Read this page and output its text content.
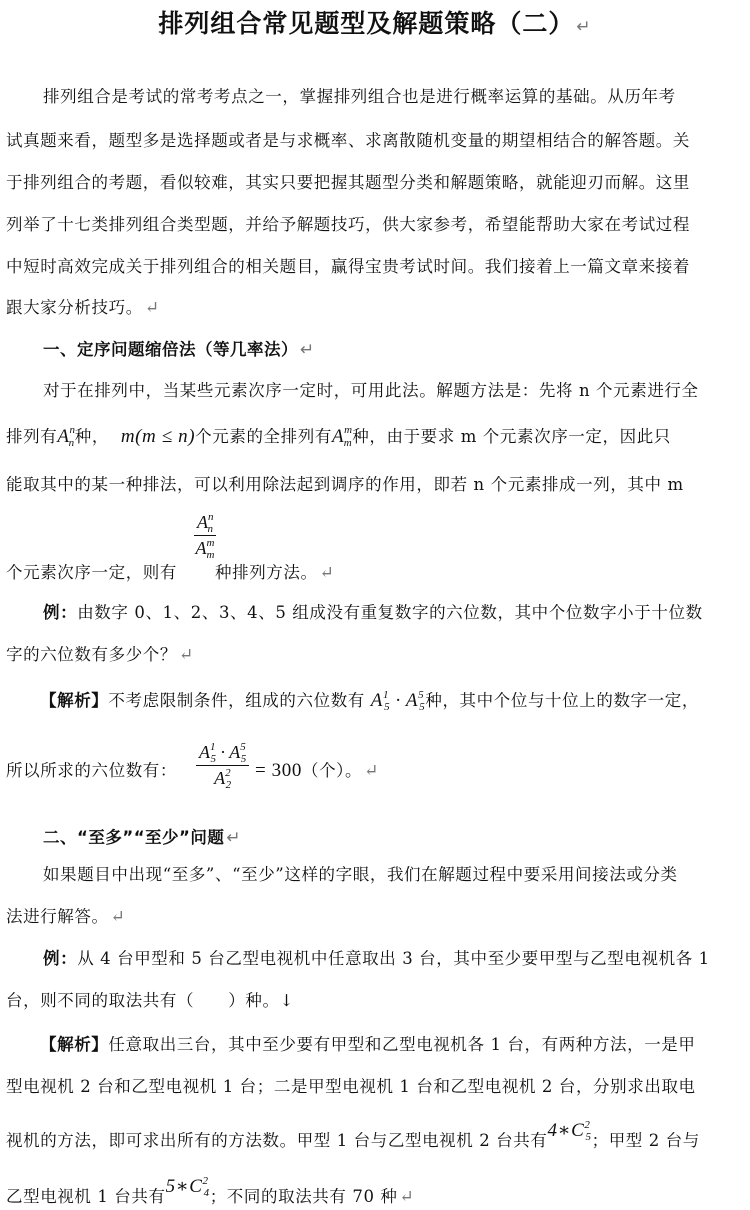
排列组合常见题型及解题策略（二） ↵
排列组合是考试的常考考点之一，掌握排列组合也是进行概率运算的基础。从历年考
试真题来看，题型多是选择题或者是与求概率、求离散随机变量的期望相结合的解答题。关
于排列组合的考题，看似较难，其实只要把握其题型分类和解题策略，就能迎刃而解。这里
列举了十七类排列组合类型题，并给予解题技巧，供大家参考，希望能帮助大家在考试过程
中短时高效完成关于排列组合的相关题目，赢得宝贵考试时间。我们接着上一篇文章来接着
跟大家分析技巧。 ↵
一、定序问题缩倍法（等几率法） ↵
对于在排列中，当某些元素次序一定时，可用此法。解题方法是：先将 n 个元素进行全
排列有$A^n_n$种， m(m ≤ n)个元素的全排列有$A^m_m$种，由于要求 m 个元素次序一定，因此只
能取其中的某一种排法，可以利用除法起到调序的作用，即若 n 个元素排成一列，其中 m
$\frac{A^n_n}{A^m_m}$
个元素次序一定，则有 种排列方法。 ↵
例：由数字 0、1、2、3、4、5 组成没有重复数字的六位数，其中个位数字小于十位数
字的六位数有多少个？ ↵
【解析】不考虑限制条件，组成的六位数有 $A^1_5 \cdot A^5_5$种，其中个位与十位上的数字一定，
$\frac{A^1_5 \cdot A^5_5}{A^2_2}$
所以所求的六位数有：	= 300（个）。 ↵
二、“至多”“至少”问题 ↵
如果题目中出现“至多”、“至少”这样的字眼，我们在解题过程中要采用间接法或分类
法进行解答。 ↵
例：从 4 台甲型和 5 台乙型电视机中任意取出 3 台，其中至少要甲型与乙型电视机各 1
台，则不同的取法共有（　　）种。↓
【解析】任意取出三台，其中至少要有甲型和乙型电视机各 1 台，有两种方法，一是甲
型电视机 2 台和乙型电视机 1 台；二是甲型电视机 1 台和乙型电视机 2 台，分别求出取电
视机的方法，即可求出所有的方法数。甲型 1 台与乙型电视机 2 台共有$4∗C^2_5$；甲型 2 台与
乙型电视机 1 台共有$5∗C^2_4$；不同的取法共有 70 种 ↵
